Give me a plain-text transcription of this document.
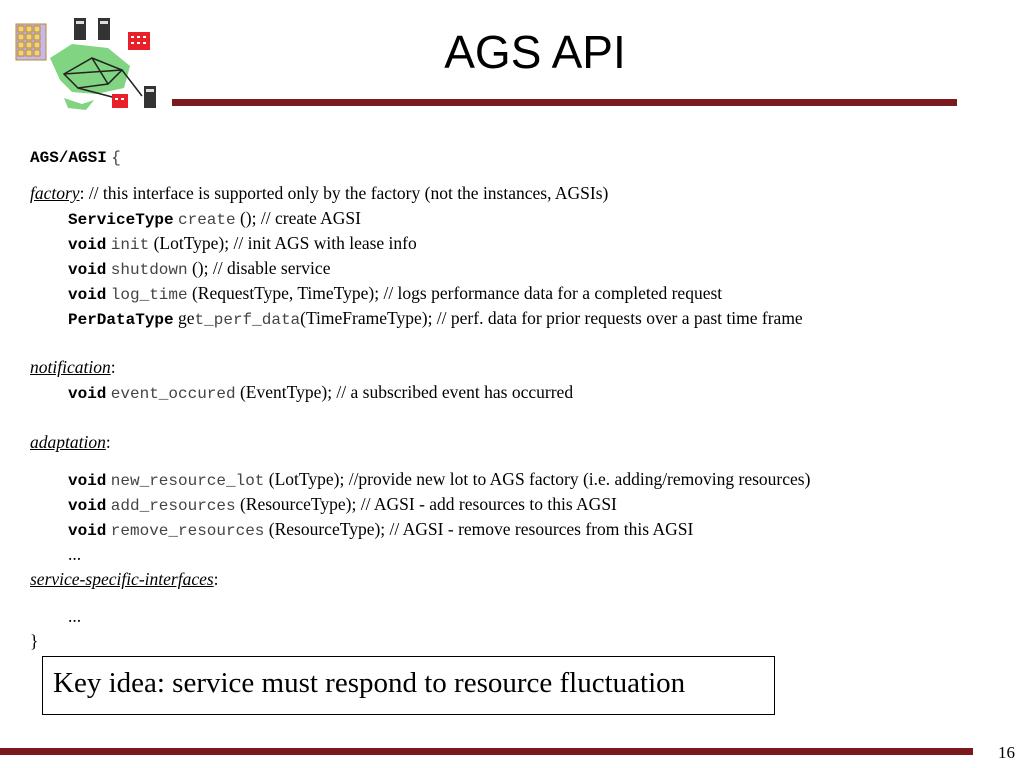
AGS API
AGS/AGSI {
factory: // this interface is supported only by the factory (not the instances, AGSIs)
ServiceType create (); // create AGSI
void init (LotType); // init AGS with lease info
void shutdown (); // disable service
void log_time (RequestType, TimeType); // logs performance data for a completed request
PerDataType get_perf_data(TimeFrameType); // perf. data for prior requests over a past time frame
notification:
void event_occured (EventType); // a subscribed event has occurred
adaptation:
void new_resource_lot (LotType); //provide new lot to AGS factory (i.e. adding/removing resources)
void add_resources (ResourceType); // AGSI - add resources to this AGSI
void remove_resources (ResourceType); // AGSI - remove resources from this AGSI
...
service-specific-interfaces:
...
}
Key idea: service must respond to resource fluctuation
16
